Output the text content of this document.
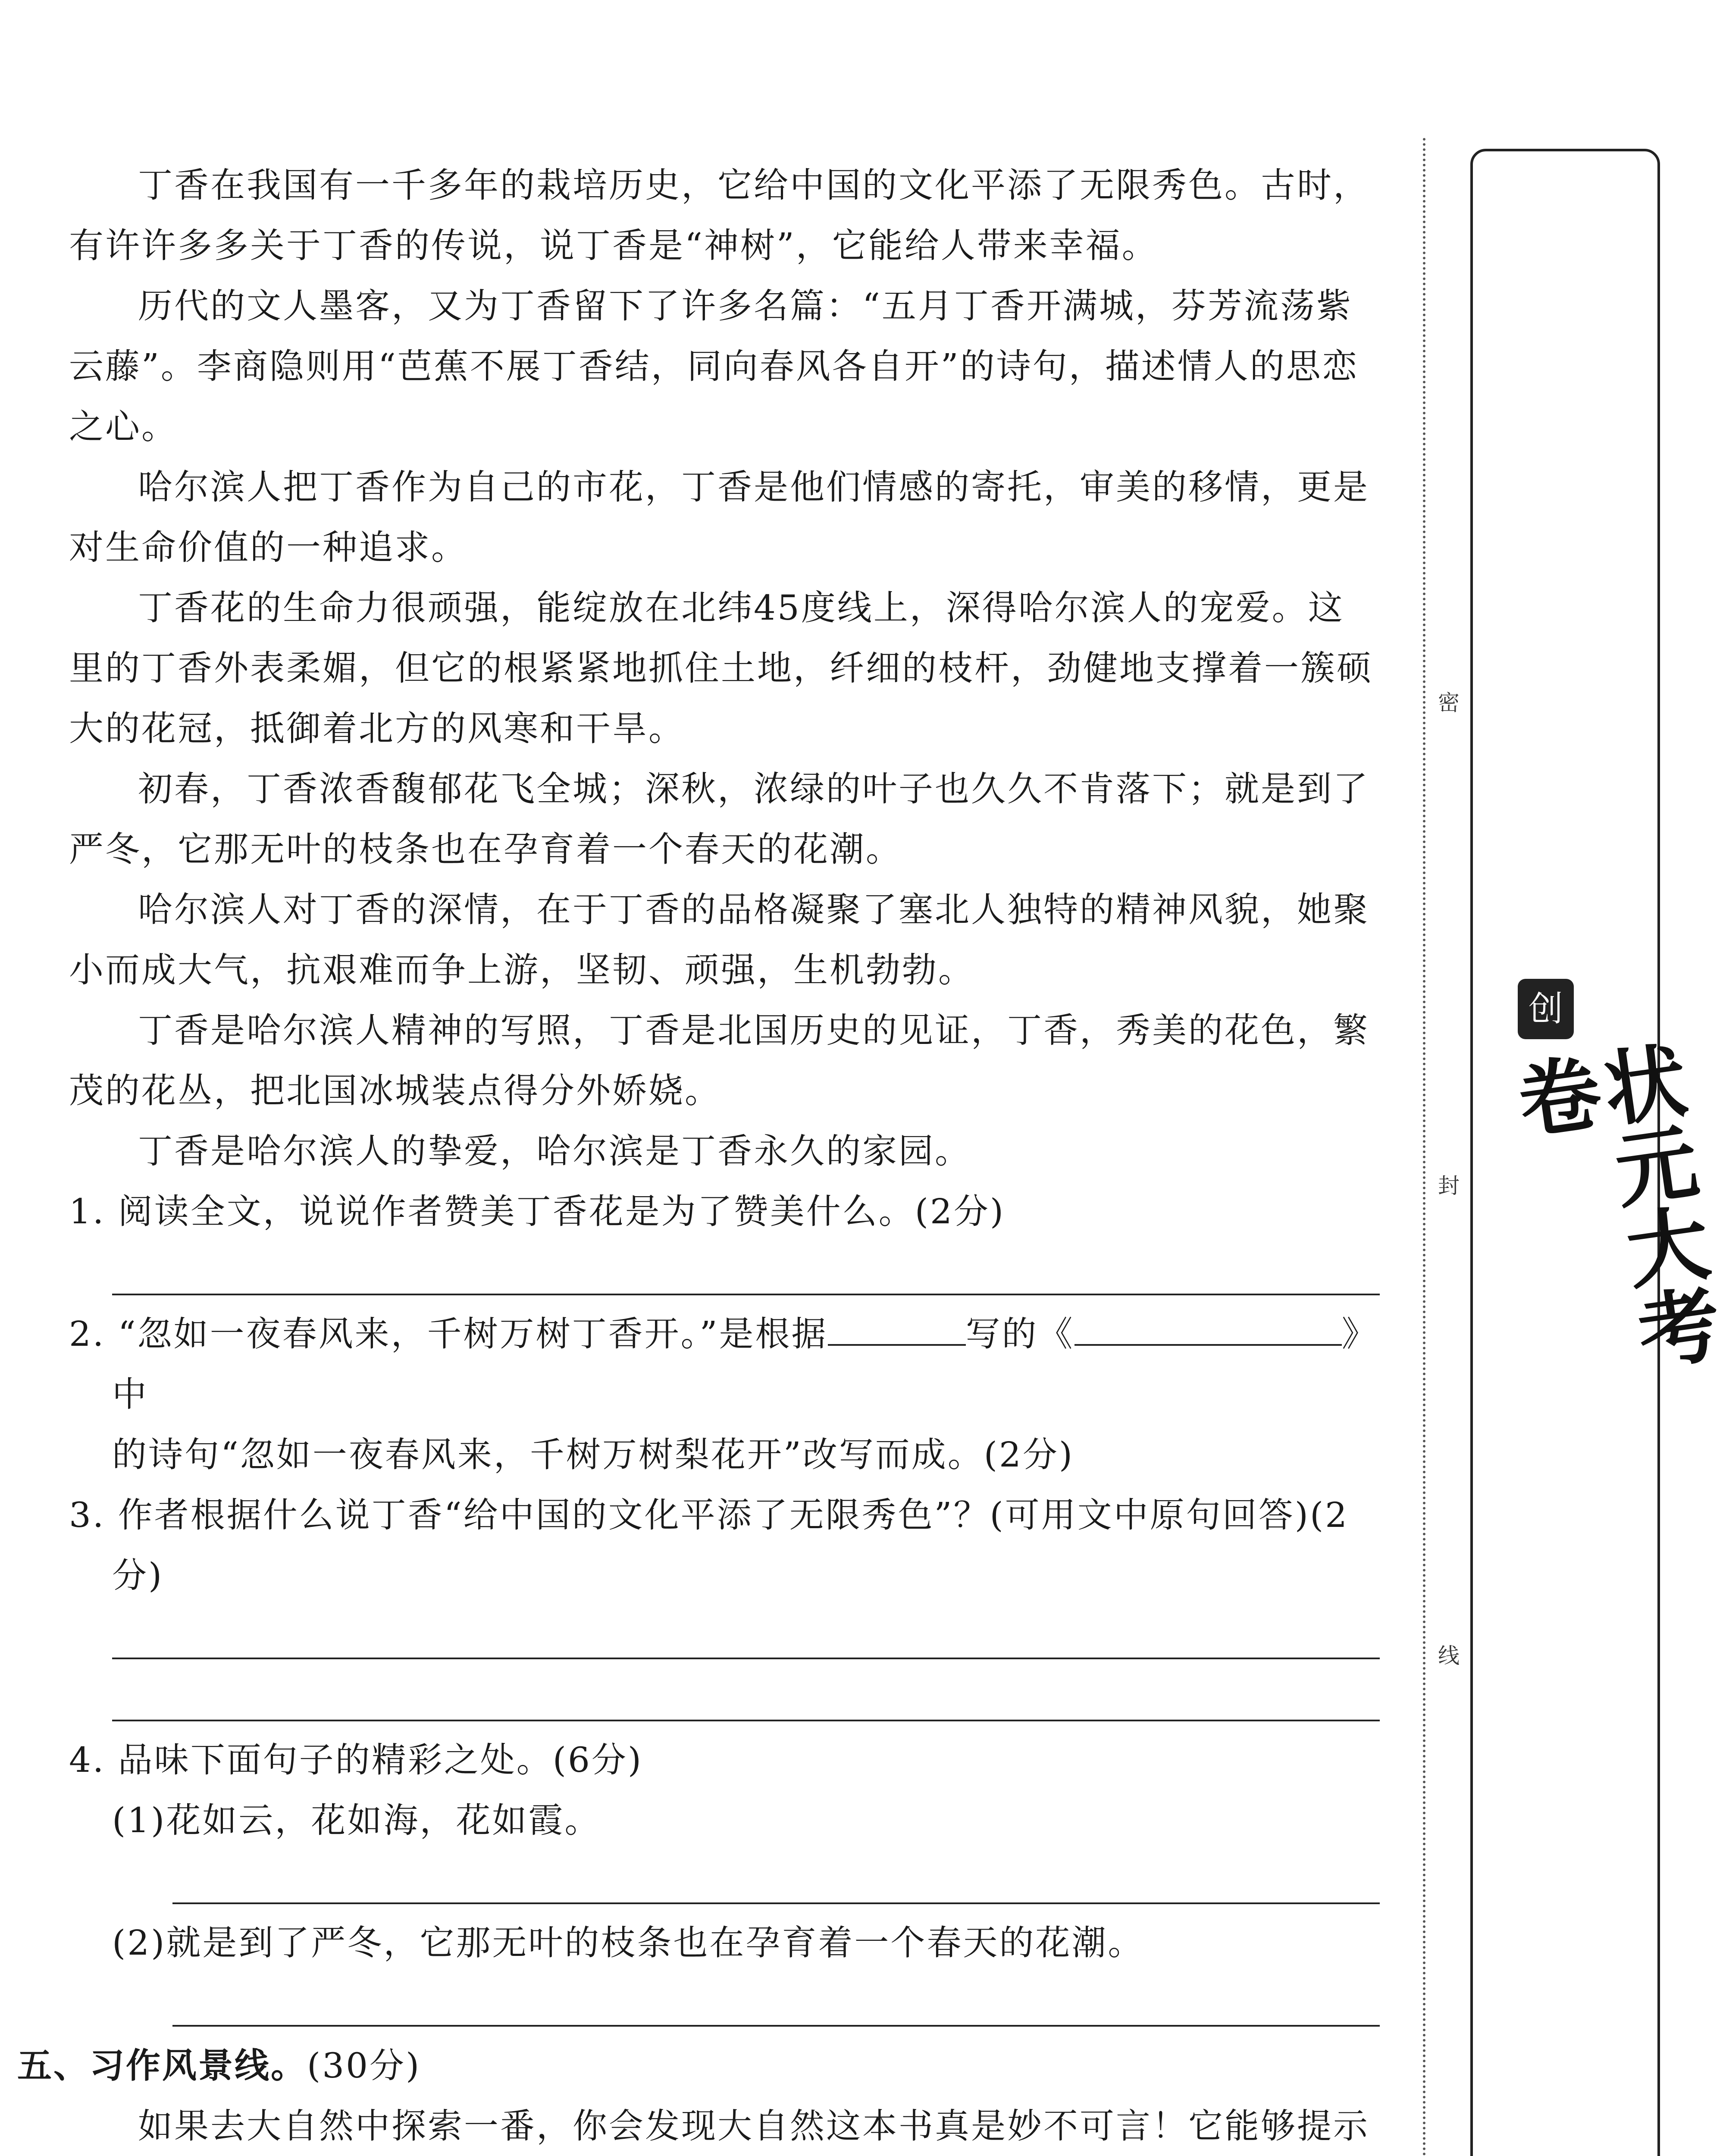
丁香在我国有一千多年的栽培历史，它给中国的文化平添了无限秀色。古时，有许许多多关于丁香的传说，说丁香是“神树”，它能给人带来幸福。

历代的文人墨客，又为丁香留下了许多名篇：“五月丁香开满城，芬芳流荡紫云藤”。李商隐则用“芭蕉不展丁香结，同向春风各自开”的诗句，描述情人的思恋之心。

哈尔滨人把丁香作为自己的市花，丁香是他们情感的寄托，审美的移情，更是对生命价值的一种追求。

丁香花的生命力很顽强，能绽放在北纬45度线上，深得哈尔滨人的宠爱。这里的丁香外表柔媚，但它的根紧紧地抓住土地，纤细的枝杆，劲健地支撑着一簇硕大的花冠，抵御着北方的风寒和干旱。

初春，丁香浓香馥郁花飞全城；深秋，浓绿的叶子也久久不肯落下；就是到了严冬，它那无叶的枝条也在孕育着一个春天的花潮。

哈尔滨人对丁香的深情，在于丁香的品格凝聚了塞北人独特的精神风貌，她聚小而成大气，抗艰难而争上游，坚韧、顽强，生机勃勃。

丁香是哈尔滨人精神的写照，丁香是北国历史的见证，丁香，秀美的花色，繁茂的花丛，把北国冰城装点得分外娇娆。

丁香是哈尔滨人的挚爱，哈尔滨是丁香永久的家园。

1. 阅读全文，说说作者赞美丁香花是为了赞美什么。(2分)

2. “忽如一夜春风来，千树万树丁香开。”是根据	写的《	》中

的诗句“忽如一夜春风来，千树万树梨花开”改写而成。(2分)

3. 作者根据什么说丁香“给中国的文化平添了无限秀色”？(可用文中原句回答)(2分)

4. 品味下面句子的精彩之处。(6分)

(1)花如云，花如海，花如霞。

(2)就是到了严冬，它那无叶的枝条也在孕育着一个春天的花潮。

五、习作风景线。(30分)

如果去大自然中探索一番，你会发现大自然这本书真是妙不可言！它能够提示

密
封
线
创
状元大考卷
